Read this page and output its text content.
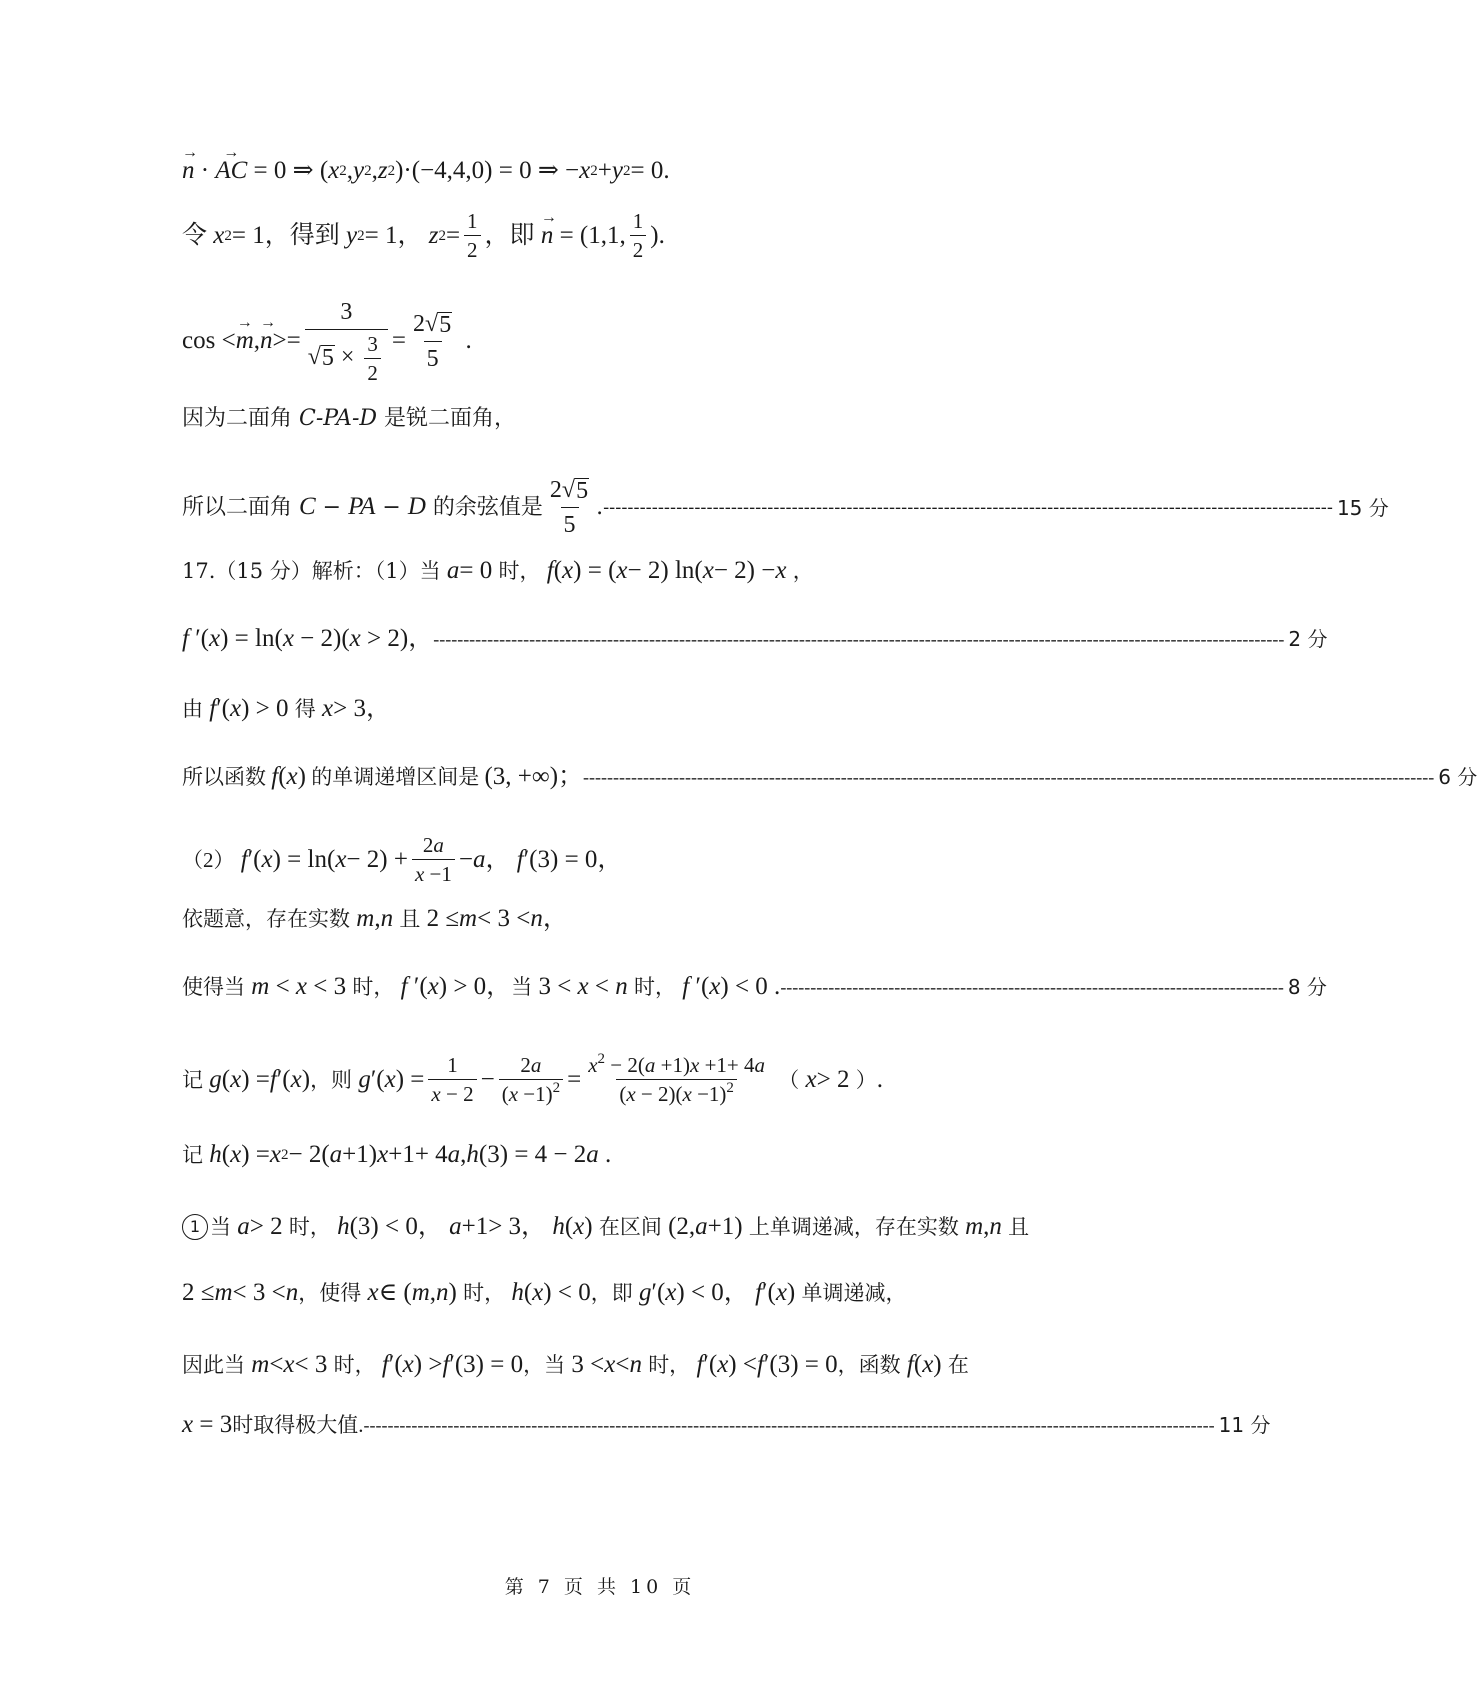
→ n · → AC = 0 ⇒ ( x 2 , y 2 , z 2 )·(−4,4,0) = 0 ⇒ − x 2 + y 2 = 0.
令 x 2 = 1，得到 y 2 = 1， z $2 = \frac{1}{2}$ ，即 → n = (1,1, $\frac{1}{2}$ ).
cos < → m , → $n >= \frac{3}{√ 5 \times \frac{3}{2}} = \frac{2√ 5}{5}$ .
因为二面角 C-PA-D 是锐二面角，
所以二面角 C − PA − D 的余弦值是 $\frac{2√ 5}{5}$ . ------------------------------------------------------------------------------------------------------------------------ 15 分
17.（15 分）解析：（1）当
a = 0 时，
f ( x ) = ( x − 2) ln( x − 2) − x
，
f ′(x) = ln(x − 2)(x > 2)， ---------------------------------------------------------------------------------------------------------------------------------------------- 2 分
由
f ′( x ) > 0 得
x > 3，
所以函数 f ( x ) 的单调递增区间是 (3, +∞)； ---------------------------------------------------------------------------------------------------------------------------------------------- 6 分
（2）
f ′( x ) = ln( $x - 2) + \frac{2a}{x -1} - a$ ， f ′(3) = 0，
依题意，存在实数
m , n
且 2 ≤ m < 3 < n ，
使得当 m < x < 3 时， f ′(x) > 0，当 3 < x < n 时， f ′(x) < 0 . ------------------------------------------------------------------------------------ 8 分
记
g ( x ) = f ′( x ) ，则
g ′( x ) = $\frac{1}{x - 2} - \frac{2a}{(x -1)^2} = \frac{x^2 - 2(a +1)x +1+ 4a}{(x - 2)(x -1)^2}$
（
x > 2 ） .
记
h ( x ) = x 2 − 2( a +1) x +1+ 4 a , h (3) = 4 − 2 a .
1 当
a > 2 时，
h (3) < 0， a +1> 3， h ( x ) 在区间 (2, a +1) 上单调递减，存在实数
m , n
且
2 ≤ m < 3 < n ，使得
x ∈ ( m , n ) 时，
h ( x ) < 0 ，即
g ′( x ) < 0， f ′( x ) 单调递减，
因此当
m < x < 3 时，
f ′( x ) > f ′(3) = 0 ，当 3 < x < n
时，
f ′( x ) < f ′(3) = 0 ，函数
f ( x ) 在
x = 3时取得极大值. ---------------------------------------------------------------------------------------------------------------------------------------------- 11 分
第 7 页 共 10 页
